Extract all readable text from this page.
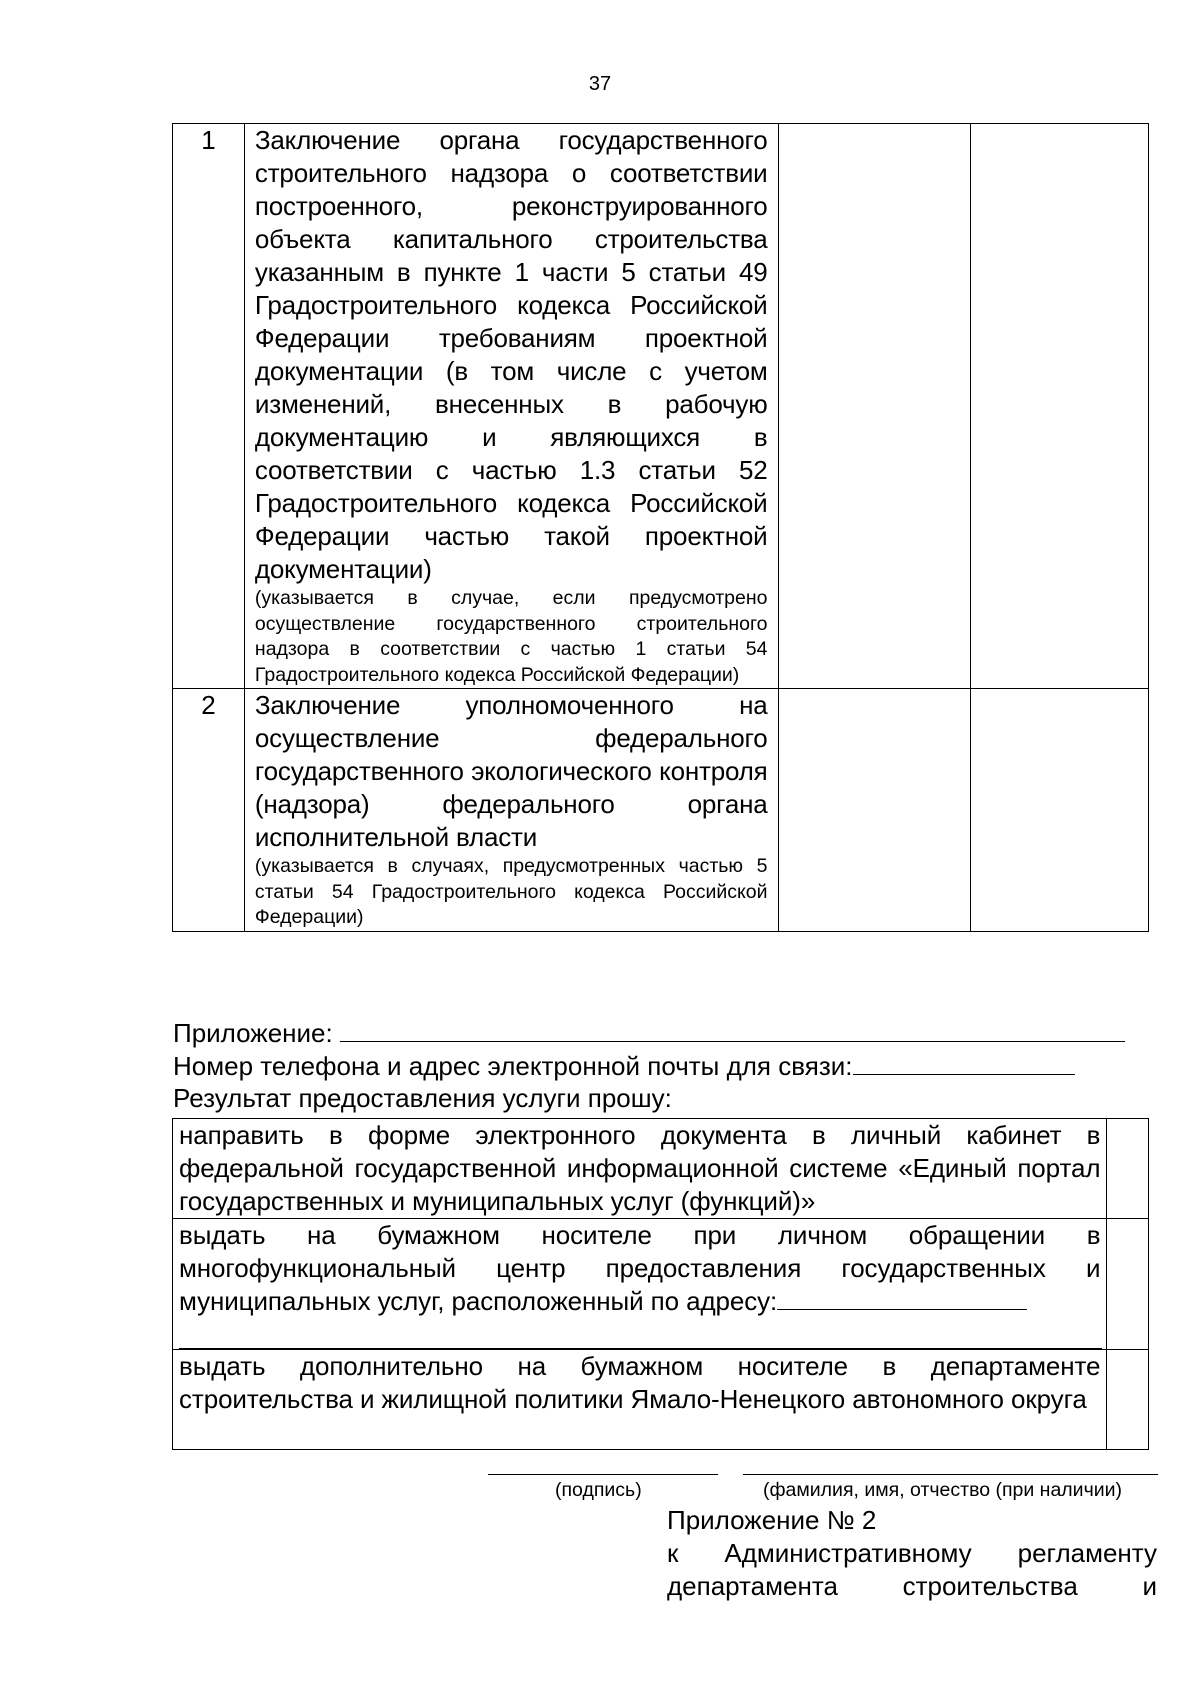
37
1	Заключение органа государственного строительного надзора о соответствии построенного, реконструированного объекта капитального строительства указанным в пункте 1 части 5 статьи 49 Градостроительного кодекса Российской Федерации требованиям проектной документации (в том числе с учетом изменений, внесенных в рабочую документацию и являющихся в соответствии с частью 1.3 статьи 52 Градостроительного кодекса Российской Федерации частью такой проектной документации)
(указывается в случае, если предусмотрено осуществление государственного строительного надзора в соответствии с частью 1 статьи 54 Градостроительного кодекса Российской Федерации)		

2	Заключение уполномоченного на осуществление федерального государственного экологического контроля (надзора) федерального органа исполнительной власти
(указывается в случаях, предусмотренных частью 5 статьи 54 Градостроительного кодекса Российской Федерации)		

Приложение:
Номер телефона и адрес электронной почты для связи:
Результат предоставления услуги прошу:
направить в форме электронного документа в личный кабинет в федеральной государственной информационной системе «Единый портал государственных и муниципальных услуг (функций)»	
выдать на бумажном носителе при личном обращении в многофункциональный центр предоставления государственных и муниципальных услуг, расположенный по адресу:

выдать дополнительно на бумажном носителе в департаменте строительства и жилищной политики Ямало-Ненецкого автономного округа	
(подпись)	(фамилия, имя, отчество (при наличии)
Приложение № 2
к Административному регламенту
департамента строительства и
